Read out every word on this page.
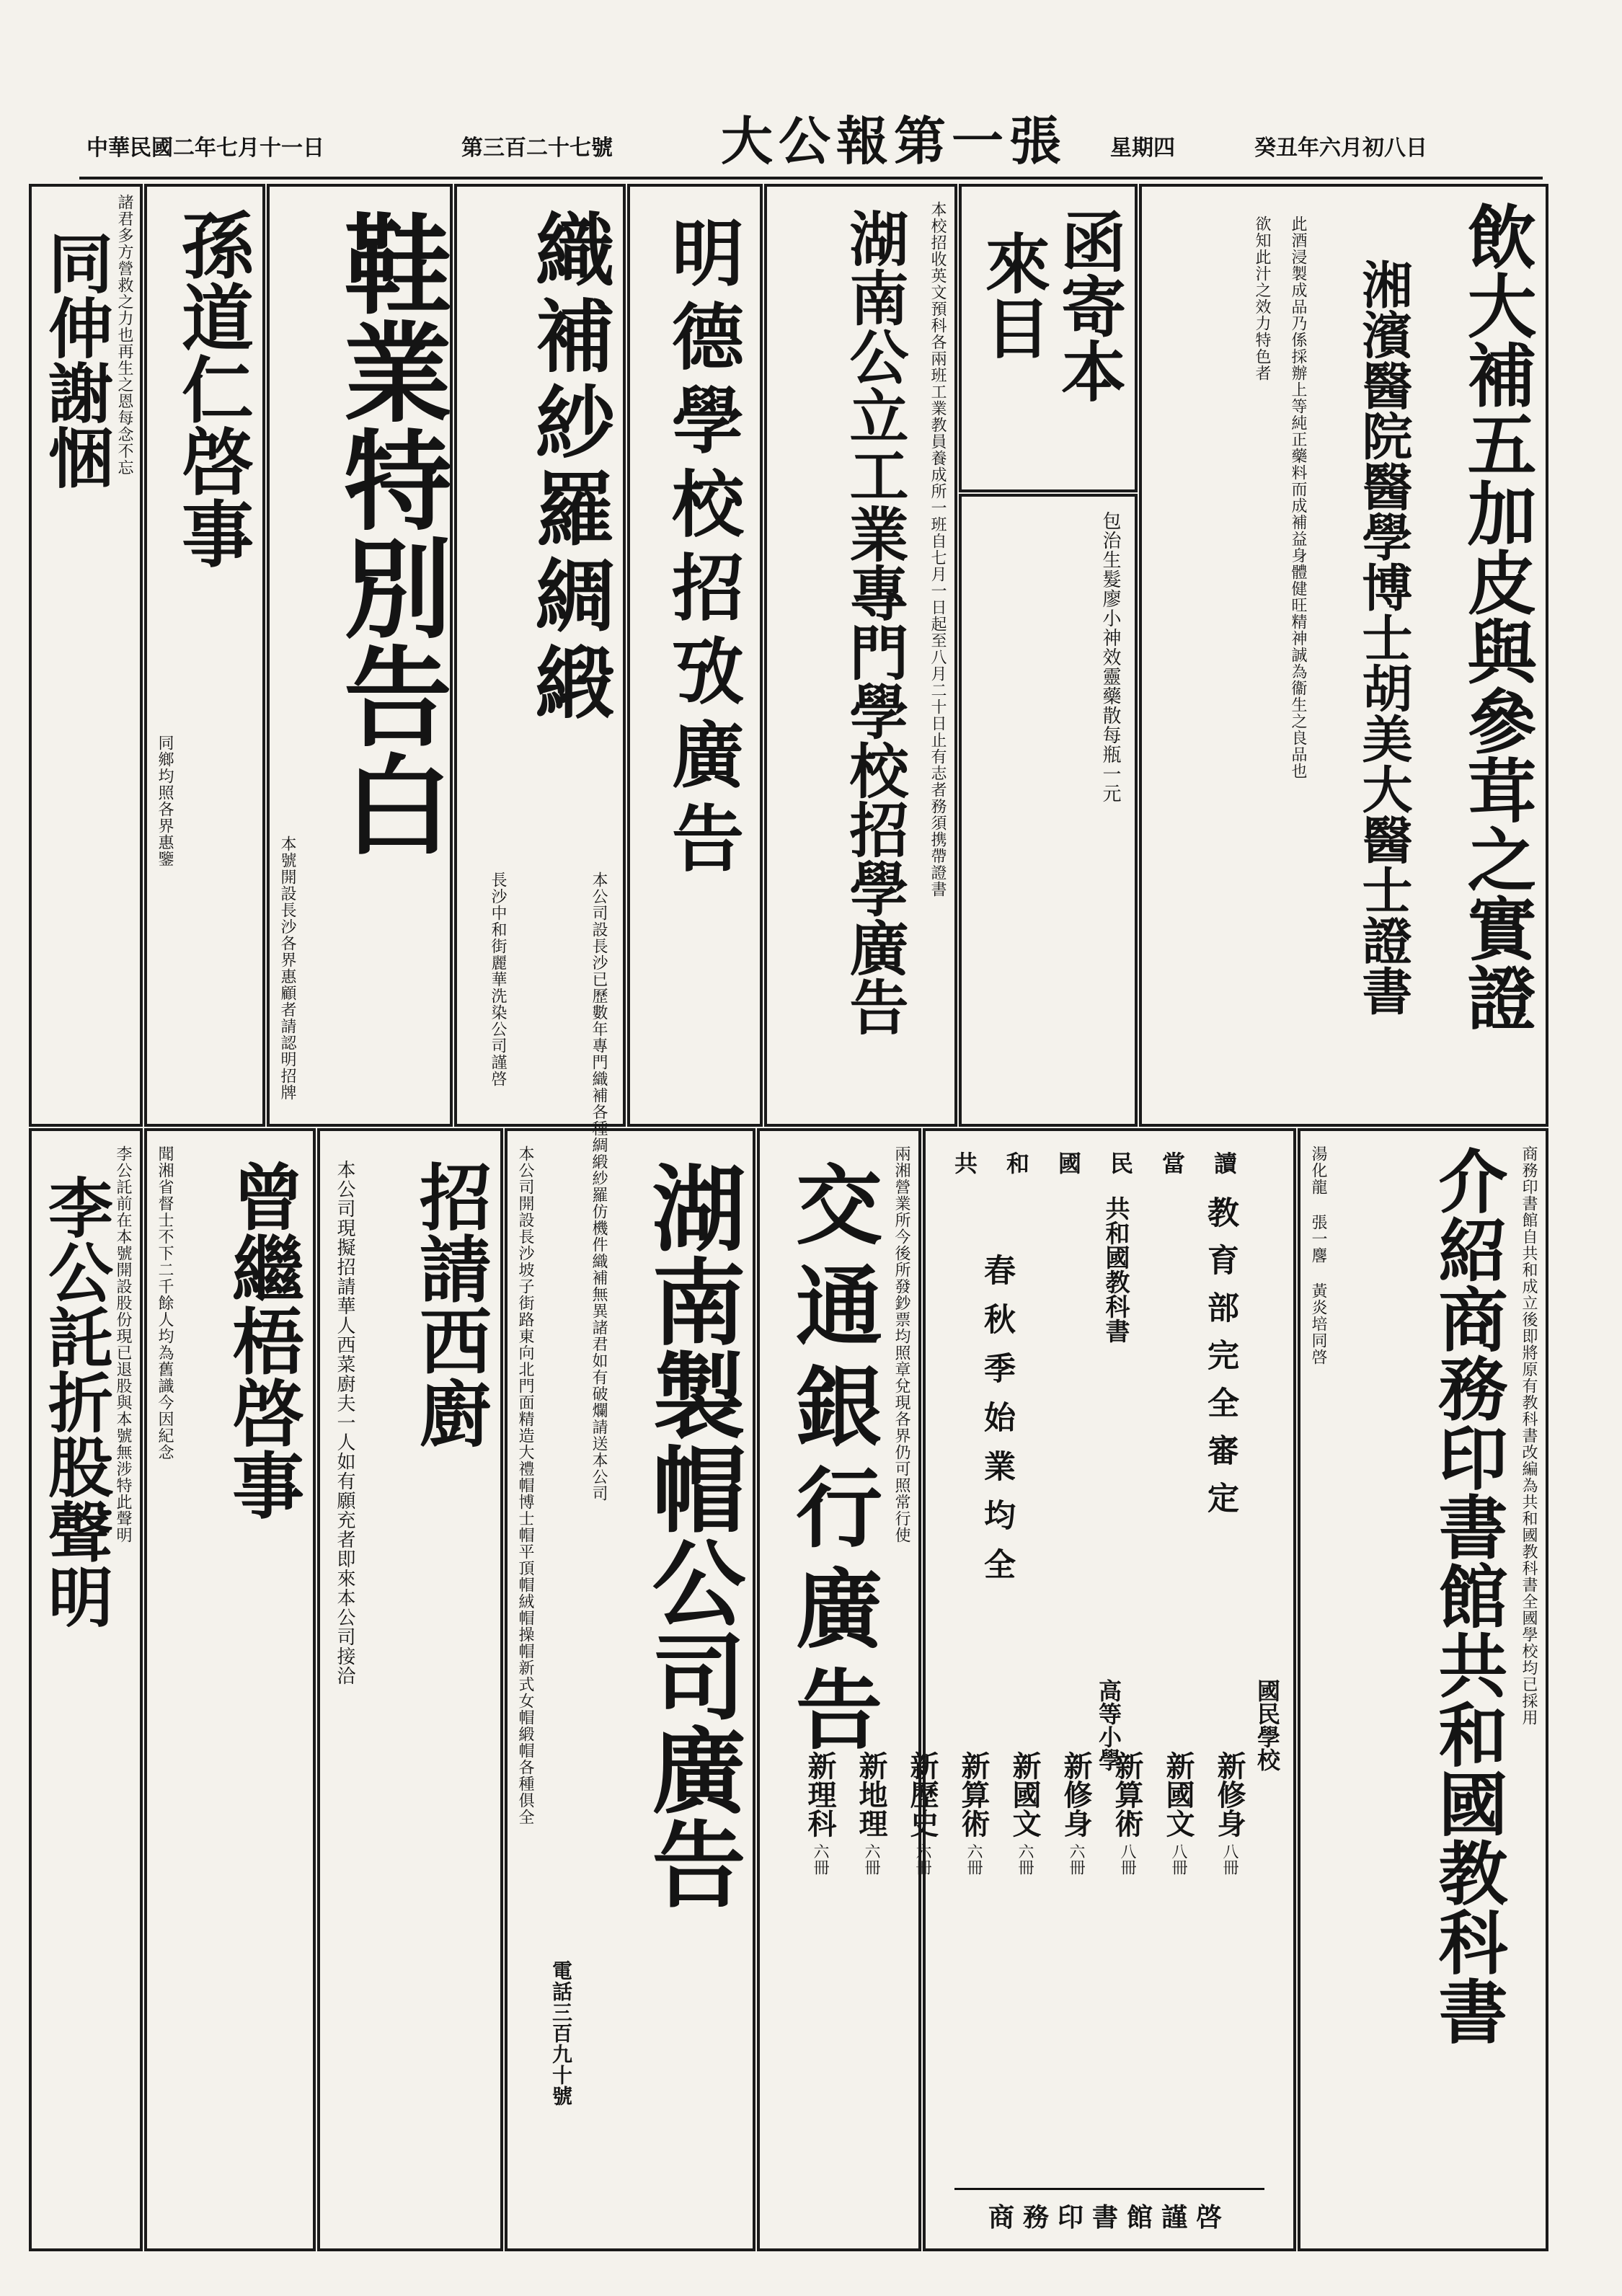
中華民國二年七月十一日	第三百二十七號 大公報第一張 星期四	癸丑年六月初八日
飲大補五加皮與參茸之實證
湘濱醫院醫學博士胡美大醫士證書
此酒浸製成品乃係採辦上等純正藥料而成補益身體健旺精神誠為衞生之良品也
欲知此汁之效力特色者
函寄本
來目
包治生髮廖小神效靈藥散每瓶一元
本校招收英文預科各兩班工業教員養成所一班自七月一日起至八月二十日止有志者務須携帶證書
湖南公立工業專門學校招學廣告
明德學校招攷廣告
織補紗羅綢緞
本公司設長沙已歷數年專門織補各種綢緞紗羅仿機件織補無異諸君如有破爛請送本公司
長沙中和街麗華洗染公司謹啓
鞋業特別告白
本號開設長沙各界惠顧者請認明招牌
孫道仁啓事
同鄉均照各界惠鑒
諸君多方營救之力也再生之恩每念不忘
同伸謝悃
商務印書館自共和成立後即將原有教科書改編為共和國教科書全國學校均已採用
介紹商務印書館共和國教科書
湯化龍 張一麐 黃炎培同啓
共和國民當讀
教育部完全審定
共和國教科書
春秋季始業均全
國民學校
高等小學
新修身
八冊
新國文
八冊
新算術
八冊
新修身
六冊
新國文
六冊
新算術
六冊
新歷史
六冊
新地理
六冊
新理科
六冊
商務印書館謹啓
兩湘營業所今後所發鈔票均照章兌現各界仍可照常行使
交通銀行廣告
湖南製帽公司廣告
本公司開設長沙坡子街路東向北門面精造大禮帽博士帽平頂帽絨帽操帽新式女帽緞帽各種俱全
電話三百九十號
招請西廚
本公司現擬招請華人西菜廚夫一人如有願充者即來本公司接洽
聞湘省督士不下二千餘人均為舊識今因紀念 曾繼梧啓事
李公託前在本號開設股份現已退股與本號無涉特此聲明
李公託折股聲明
